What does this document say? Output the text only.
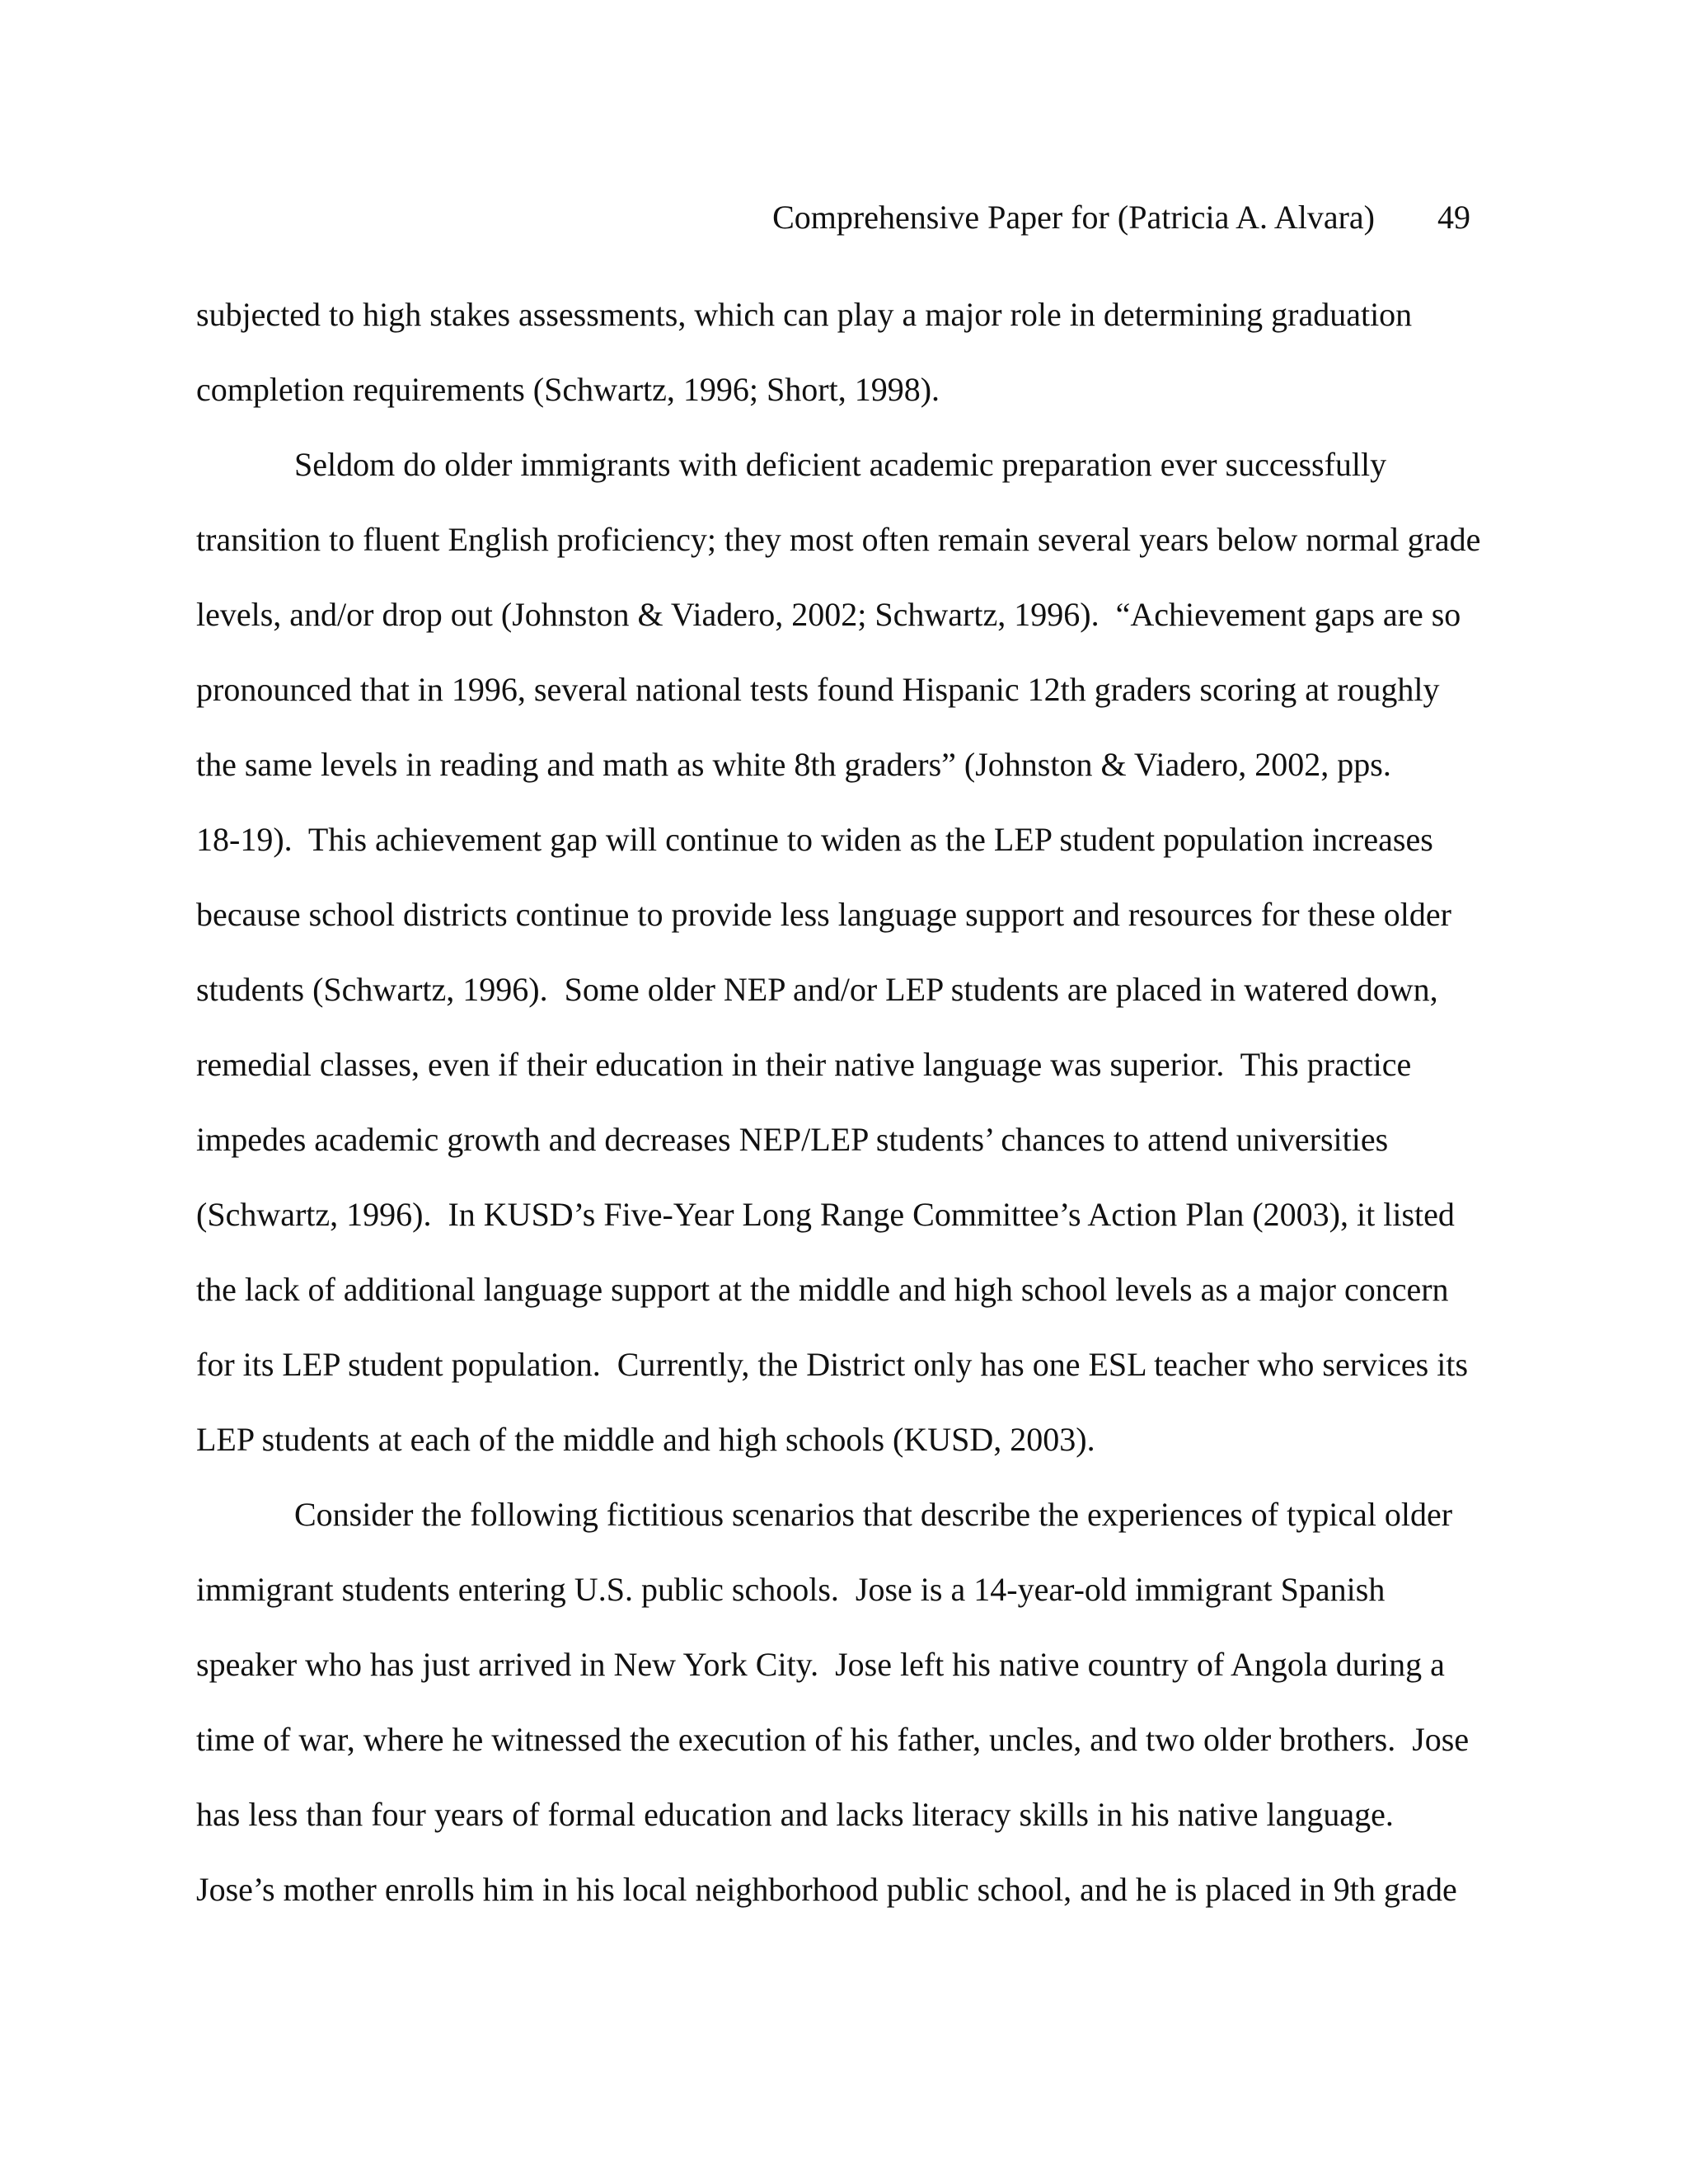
Comprehensive Paper for (Patricia A. Alvara) 49
subjected to high stakes assessments, which can play a major role in determining graduation
completion requirements (Schwartz, 1996; Short, 1998).
Seldom do older immigrants with deficient academic preparation ever successfully
transition to fluent English proficiency; they most often remain several years below normal grade
levels, and/or drop out (Johnston & Viadero, 2002; Schwartz, 1996).  “Achievement gaps are so
pronounced that in 1996, several national tests found Hispanic 12th graders scoring at roughly
the same levels in reading and math as white 8th graders” (Johnston & Viadero, 2002, pps.
18-19).  This achievement gap will continue to widen as the LEP student population increases
because school districts continue to provide less language support and resources for these older
students (Schwartz, 1996).  Some older NEP and/or LEP students are placed in watered down,
remedial classes, even if their education in their native language was superior.  This practice
impedes academic growth and decreases NEP/LEP students’ chances to attend universities
(Schwartz, 1996).  In KUSD’s Five-Year Long Range Committee’s Action Plan (2003), it listed
the lack of additional language support at the middle and high school levels as a major concern
for its LEP student population.  Currently, the District only has one ESL teacher who services its
LEP students at each of the middle and high schools (KUSD, 2003).
Consider the following fictitious scenarios that describe the experiences of typical older
immigrant students entering U.S. public schools.  Jose is a 14-year-old immigrant Spanish
speaker who has just arrived in New York City.  Jose left his native country of Angola during a
time of war, where he witnessed the execution of his father, uncles, and two older brothers.  Jose
has less than four years of formal education and lacks literacy skills in his native language.
Jose’s mother enrolls him in his local neighborhood public school, and he is placed in 9th grade
